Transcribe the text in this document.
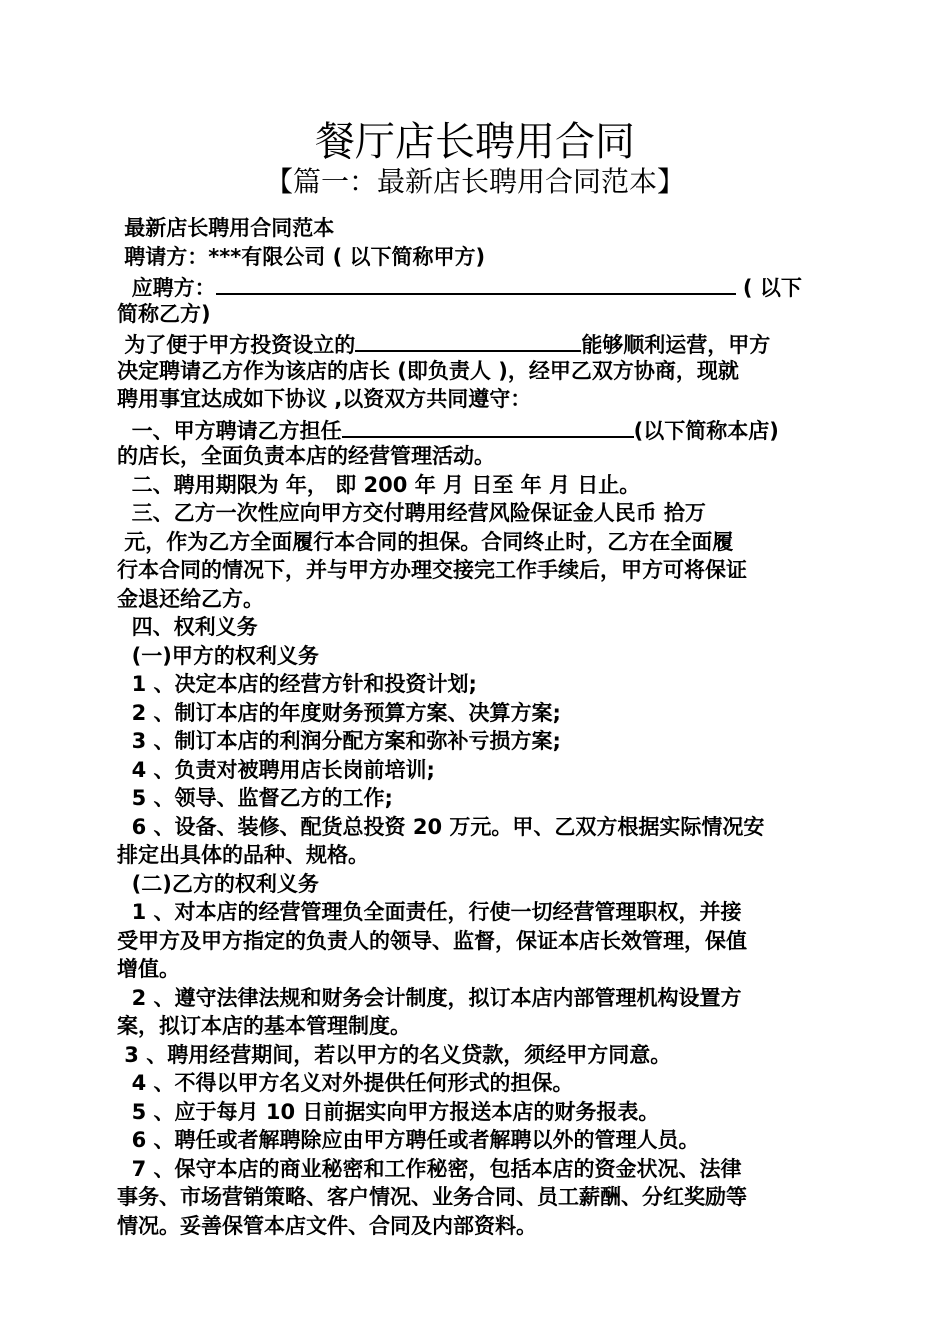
餐厅店长聘用合同
【篇一：最新店长聘用合同范本】
最新店长聘用合同范本
聘请方：***有限公司 ( 以下简称甲方)
应聘方：	( 以下
简称乙方)
为了便于甲方投资设立的	能够顺利运营，甲方
决定聘请乙方作为该店的店长 (即负责人 )，经甲乙双方协商，现就
聘用事宜达成如下协议 ,以资双方共同遵守：
一、甲方聘请乙方担任	(以下简称本店)
的店长，全面负责本店的经营管理活动。
二、聘用期限为 年， 即 200 年 月 日至 年 月 日止。
三、乙方一次性应向甲方交付聘用经营风险保证金人民币 拾万
元，作为乙方全面履行本合同的担保。合同终止时，乙方在全面履
行本合同的情况下，并与甲方办理交接完工作手续后，甲方可将保证
金退还给乙方。
四、权利义务
(一)甲方的权利义务
1 、决定本店的经营方针和投资计划;
2 、制订本店的年度财务预算方案、决算方案;
3 、制订本店的利润分配方案和弥补亏损方案;
4 、负责对被聘用店长岗前培训;
5 、领导、监督乙方的工作;
6 、设备、装修、配货总投资 20 万元。甲、乙双方根据实际情况安
排定出具体的品种、规格。
(二)乙方的权利义务
1 、对本店的经营管理负全面责任，行使一切经营管理职权，并接
受甲方及甲方指定的负责人的领导、监督，保证本店长效管理，保值
增值。
2 、遵守法律法规和财务会计制度，拟订本店内部管理机构设置方
案，拟订本店的基本管理制度。
3 、聘用经营期间，若以甲方的名义贷款，须经甲方同意。
4 、不得以甲方名义对外提供任何形式的担保。
5 、应于每月 10 日前据实向甲方报送本店的财务报表。
6 、聘任或者解聘除应由甲方聘任或者解聘以外的管理人员。
7 、保守本店的商业秘密和工作秘密，包括本店的资金状况、法律
事务、市场营销策略、客户情况、业务合同、员工薪酬、分红奖励等
情况。妥善保管本店文件、合同及内部资料。
